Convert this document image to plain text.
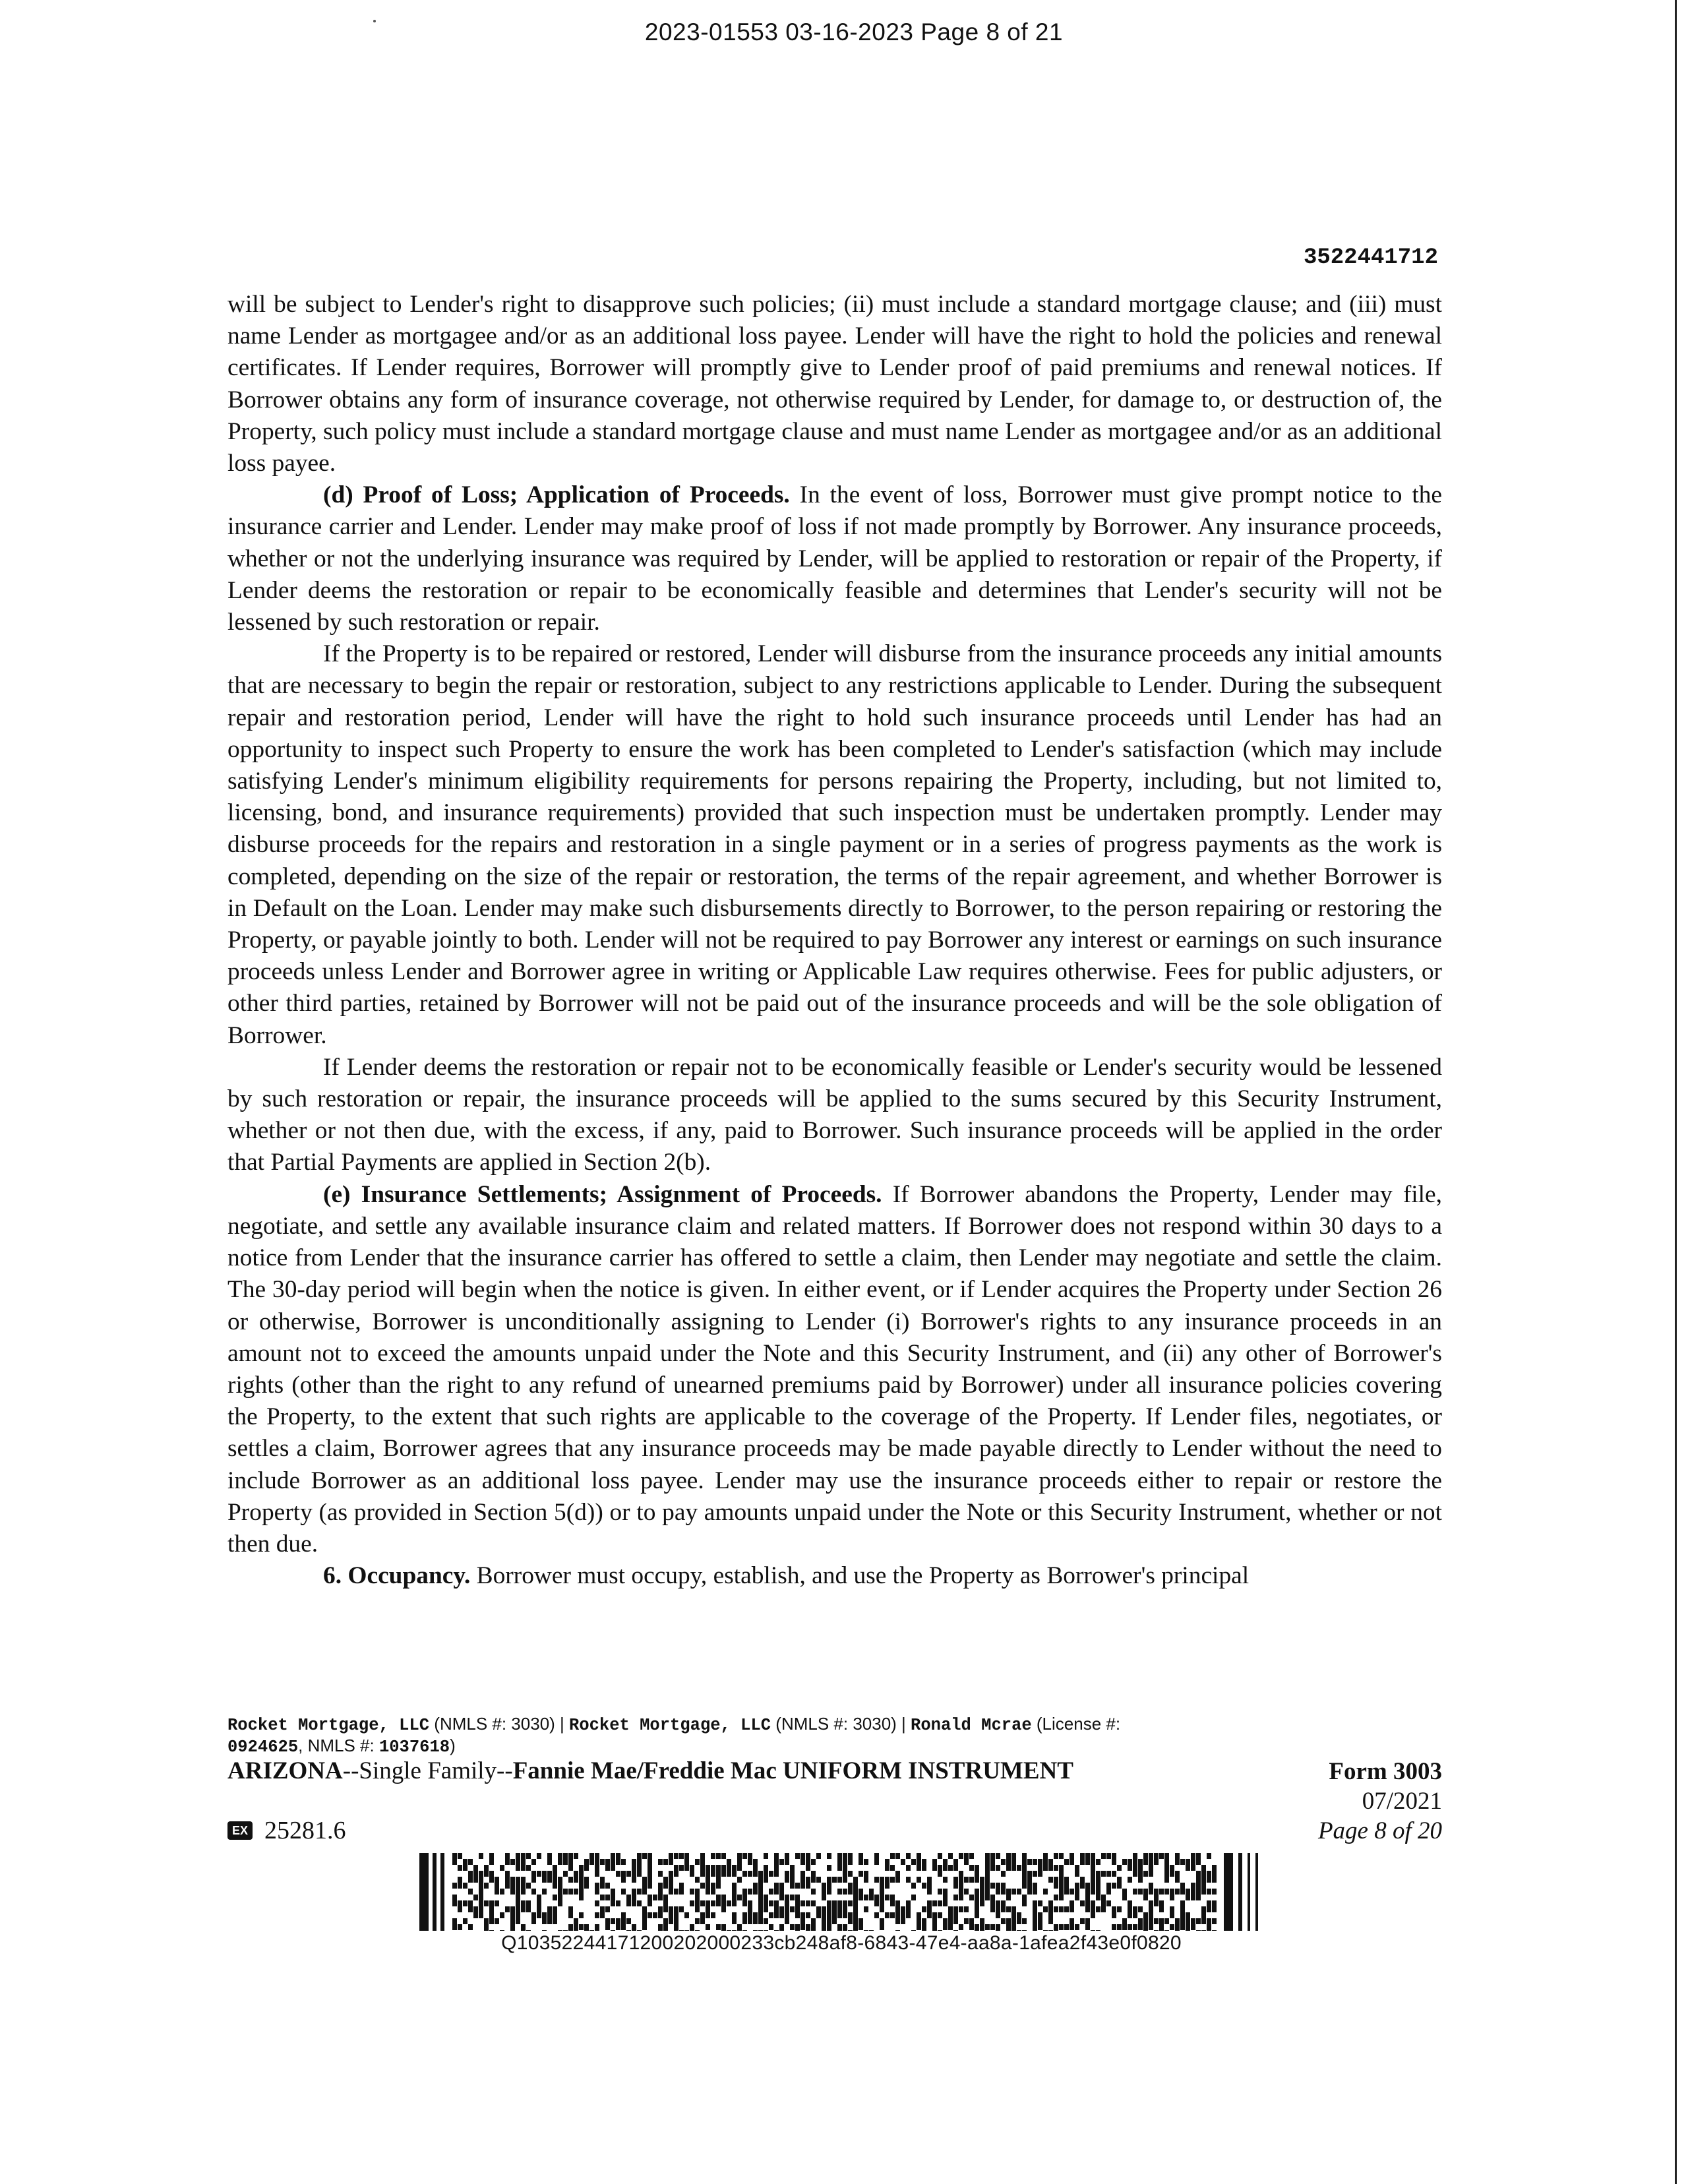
2023-01553 03-16-2023 Page 8 of 21
3522441712

will be subject to Lender's right to disapprove such policies; (ii) must include a standard mortgage clause; and (iii) must name Lender as mortgagee and/or as an additional loss payee. Lender will have the right to hold the policies and renewal certificates. If Lender requires, Borrower will promptly give to Lender proof of paid premiums and renewal notices. If Borrower obtains any form of insurance coverage, not otherwise required by Lender, for damage to, or destruction of, the Property, such policy must include a standard mortgage clause and must name Lender as mortgagee and/or as an additional loss payee.

(d) Proof of Loss; Application of Proceeds. In the event of loss, Borrower must give prompt notice to the insurance carrier and Lender. Lender may make proof of loss if not made promptly by Borrower. Any insurance proceeds, whether or not the underlying insurance was required by Lender, will be applied to restoration or repair of the Property, if Lender deems the restoration or repair to be economically feasible and determines that Lender's security will not be lessened by such restoration or repair.

If the Property is to be repaired or restored, Lender will disburse from the insurance proceeds any initial amounts that are necessary to begin the repair or restoration, subject to any restrictions applicable to Lender. During the subsequent repair and restoration period, Lender will have the right to hold such insurance proceeds until Lender has had an opportunity to inspect such Property to ensure the work has been completed to Lender's satisfaction (which may include satisfying Lender's minimum eligibility requirements for persons repairing the Property, including, but not limited to, licensing, bond, and insurance requirements) provided that such inspection must be undertaken promptly. Lender may disburse proceeds for the repairs and restoration in a single payment or in a series of progress payments as the work is completed, depending on the size of the repair or restoration, the terms of the repair agreement, and whether Borrower is in Default on the Loan. Lender may make such disbursements directly to Borrower, to the person repairing or restoring the Property, or payable jointly to both. Lender will not be required to pay Borrower any interest or earnings on such insurance proceeds unless Lender and Borrower agree in writing or Applicable Law requires otherwise. Fees for public adjusters, or other third parties, retained by Borrower will not be paid out of the insurance proceeds and will be the sole obligation of Borrower.

If Lender deems the restoration or repair not to be economically feasible or Lender's security would be lessened by such restoration or repair, the insurance proceeds will be applied to the sums secured by this Security Instrument, whether or not then due, with the excess, if any, paid to Borrower. Such insurance proceeds will be applied in the order that Partial Payments are applied in Section 2(b).

(e) Insurance Settlements; Assignment of Proceeds. If Borrower abandons the Property, Lender may file, negotiate, and settle any available insurance claim and related matters. If Borrower does not respond within 30 days to a notice from Lender that the insurance carrier has offered to settle a claim, then Lender may negotiate and settle the claim. The 30-day period will begin when the notice is given. In either event, or if Lender acquires the Property under Section 26 or otherwise, Borrower is unconditionally assigning to Lender (i) Borrower's rights to any insurance proceeds in an amount not to exceed the amounts unpaid under the Note and this Security Instrument, and (ii) any other of Borrower's rights (other than the right to any refund of unearned premiums paid by Borrower) under all insurance policies covering the Property, to the extent that such rights are applicable to the coverage of the Property. If Lender files, negotiates, or settles a claim, Borrower agrees that any insurance proceeds may be made payable directly to Lender without the need to include Borrower as an additional loss payee. Lender may use the insurance proceeds either to repair or restore the Property (as provided in Section 5(d)) or to pay amounts unpaid under the Note or this Security Instrument, whether or not then due.

6. Occupancy. Borrower must occupy, establish, and use the Property as Borrower's principal

Rocket Mortgage, LLC (NMLS #: 3030) | Rocket Mortgage, LLC (NMLS #: 3030) | Ronald Mcrae (License #:
0924625, NMLS #: 1037618)
ARIZONA--Single Family--Fannie Mae/Freddie Mac UNIFORM INSTRUMENT	Form 3003
07/2021
Page 8 of 20
EX 25281.6
Q10352244171200202000233cb248af8-6843-47e4-aa8a-1afea2f43e0f0820
